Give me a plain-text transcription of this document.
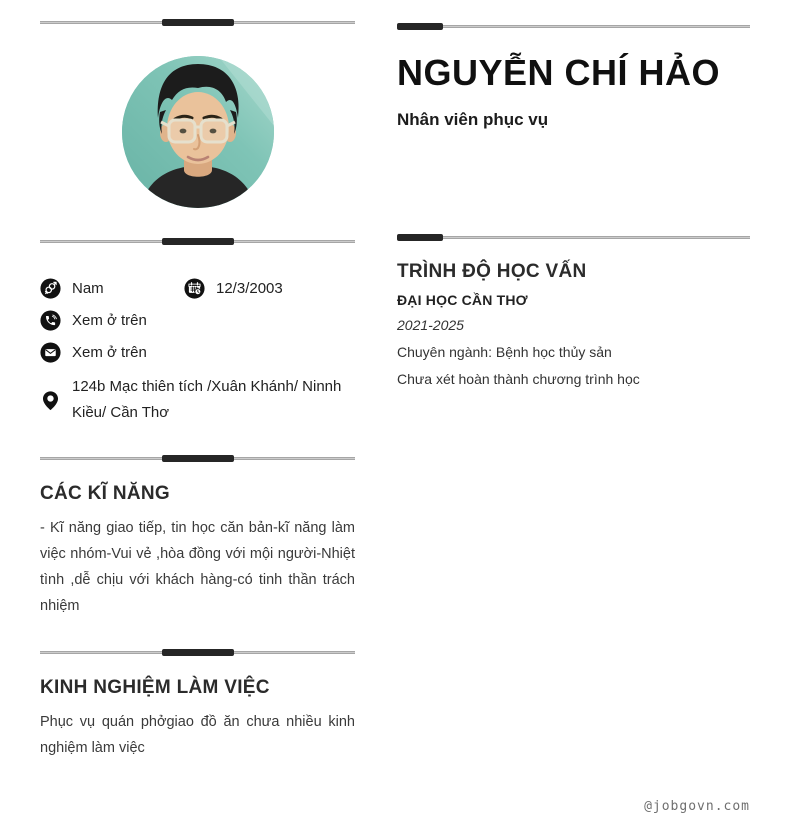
Nam	12/3/2003
Xem ở trên
Xem ở trên
124b Mạc thiên tích /Xuân Khánh/ Ninnh Kiều/ Cần Thơ
CÁC KĨ NĂNG

- Kĩ năng giao tiếp, tin học căn bản-kĩ năng làm việc nhóm-Vui vẻ ,hòa đồng với mội người-Nhiệt tình ,dễ chịu với khách hàng-có tinh thần trách nhiệm

KINH NGHIỆM LÀM VIỆC

Phục vụ quán phởgiao đồ ăn chưa nhiều kinh nghiệm làm việc

NGUYỄN CHÍ HẢO
Nhân viên phục vụ
TRÌNH ĐỘ HỌC VẤN
ĐẠI HỌC CẦN THƠ
2021-2025
Chuyên ngành: Bệnh học thủy sản
Chưa xét hoàn thành chương trình học
@jobgovn.com
